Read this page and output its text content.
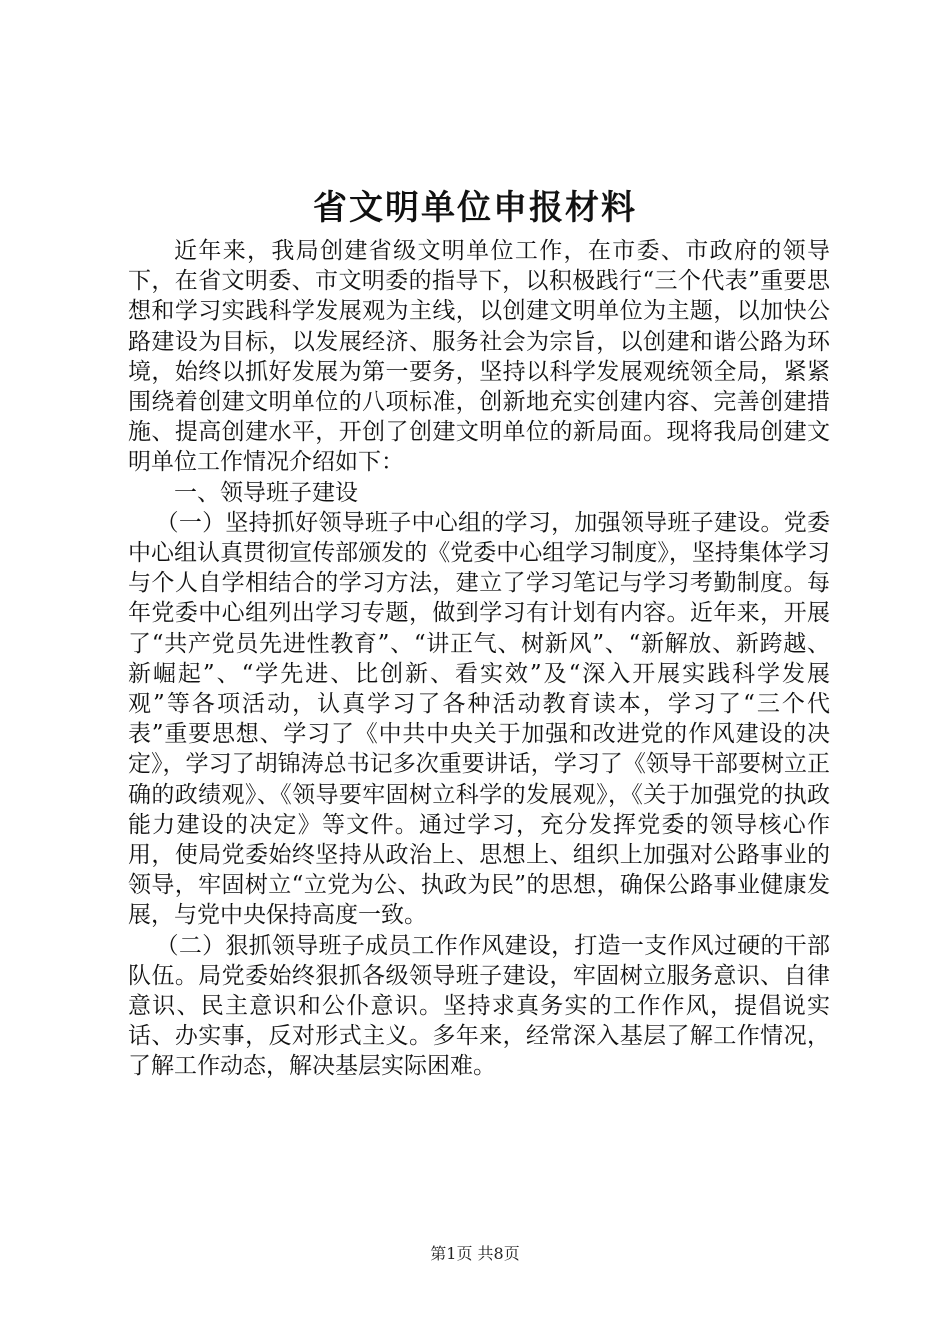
省文明单位申报材料

近年来，我局创建省级文明单位工作，在市委、市政府的领导下，在省文明委、市文明委的指导下，以积极践行“三个代表”重要思想和学习实践科学发展观为主线，以创建文明单位为主题，以加快公路建设为目标，以发展经济、服务社会为宗旨，以创建和谐公路为环境，始终以抓好发展为第一要务，坚持以科学发展观统领全局，紧紧围绕着创建文明单位的八项标准，创新地充实创建内容、完善创建措施、提高创建水平，开创了创建文明单位的新局面。现将我局创建文明单位工作情况介绍如下：

一、领导班子建设

（一）坚持抓好领导班子中心组的学习，加强领导班子建设。党委中心组认真贯彻宣传部颁发的《党委中心组学习制度》，坚持集体学习与个人自学相结合的学习方法，建立了学习笔记与学习考勤制度。每年党委中心组列出学习专题，做到学习有计划有内容。近年来，开展了“共产党员先进性教育”、“讲正气、树新风”、“新解放、新跨越、新崛起”、“学先进、比创新、看实效”及“深入开展实践科学发展观”等各项活动，认真学习了各种活动教育读本，学习了“三个代表”重要思想、学习了《中共中央关于加强和改进党的作风建设的决定》，学习了胡锦涛总书记多次重要讲话，学习了《领导干部要树立正确的政绩观》、《领导要牢固树立科学的发展观》，《关于加强党的执政能力建设的决定》等文件。通过学习，充分发挥党委的领导核心作用，使局党委始终坚持从政治上、思想上、组织上加强对公路事业的领导，牢固树立“立党为公、执政为民”的思想，确保公路事业健康发展，与党中央保持高度一致。

（二）狠抓领导班子成员工作作风建设，打造一支作风过硬的干部队伍。局党委始终狠抓各级领导班子建设，牢固树立服务意识、自律意识、民主意识和公仆意识。坚持求真务实的工作作风，提倡说实话、办实事，反对形式主义。多年来，经常深入基层了解工作情况，了解工作动态，解决基层实际困难。

第1页 共8页
